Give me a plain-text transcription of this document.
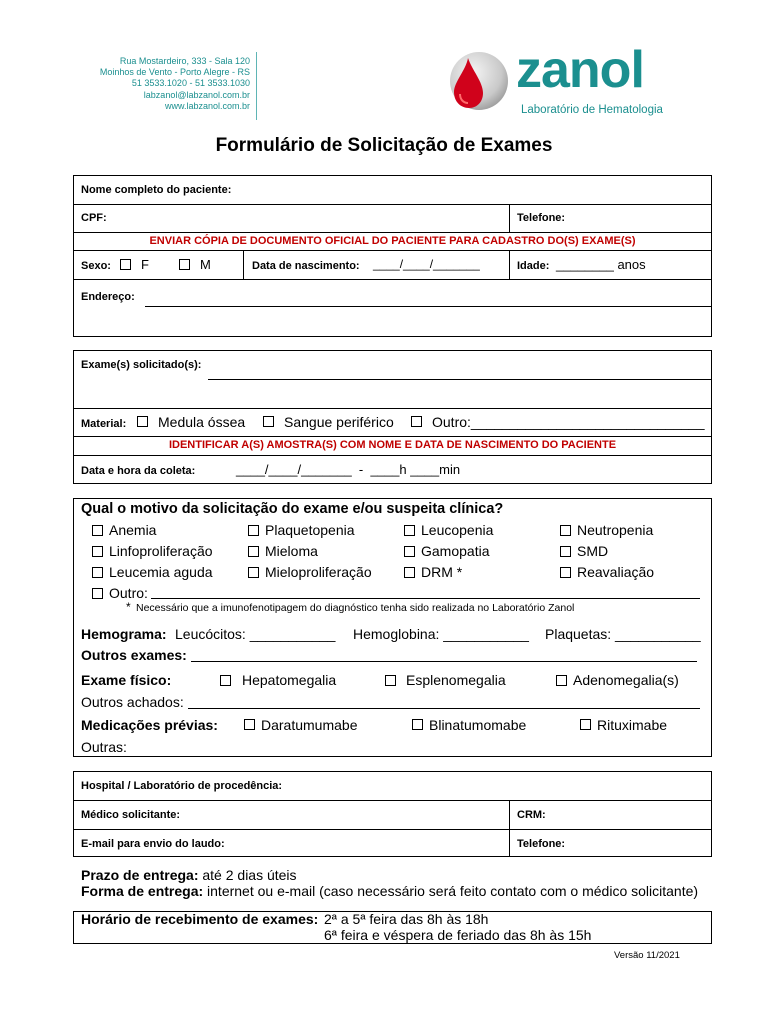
Rua Mostardeiro, 333 - Sala 120
Moinhos de Vento - Porto Alegre - RS
51 3533.1020 - 51 3533.1030
labzanol@labzanol.com.br
www.labzanol.com.br
zanol
Laboratório de Hematologia
Formulário de Solicitação de Exames
Nome completo do paciente:
CPF:	Telefone:
ENVIAR CÓPIA DE DOCUMENTO OFICIAL DO PACIENTE PARA CADASTRO DO(S) EXAME(S)
Sexo: F	M	Data de nascimento: ____/____/_______	Idade: ________ anos
Endereço:
Exame(s) solicitado(s):
Material: Medula óssea	Sangue periférico	Outro:______________________________
IDENTIFICAR A(S) AMOSTRA(S) COM NOME E DATA DE NASCIMENTO DO PACIENTE
Data e hora da coleta:	____/____/_______  -  ____h ____min
Qual o motivo da solicitação do exame e/ou suspeita clínica?
Anemia	Plaquetopenia	Leucopenia	Neutropenia
Linfoproliferação	Mieloma	Gamopatia	SMD
Leucemia aguda	Mieloproliferação	DRM *	Reavaliação
Outro:
* Necessário que a imunofenotipagem do diagnóstico tenha sido realizada no Laboratório Zanol
Hemograma: Leucócitos: ___________ Hemoglobina: ___________ Plaquetas: ___________
Outros exames:
Exame físico:	Hepatomegalia	Esplenomegalia	Adenomegalia(s)
Outros achados:
Medicações prévias:	Daratumumabe	Blinatumomabe	Rituximabe
Outras:
Hospital / Laboratório de procedência:
Médico solicitante:	CRM:
E-mail para envio do laudo:	Telefone:
Prazo de entrega: até 2 dias úteis
Forma de entrega: internet ou e-mail (caso necessário será feito contato com o médico solicitante)
Horário de recebimento de exames: 2ª a 5ª feira das 8h às 18h
6ª feira e véspera de feriado das 8h às 15h
Versão 11/2021
